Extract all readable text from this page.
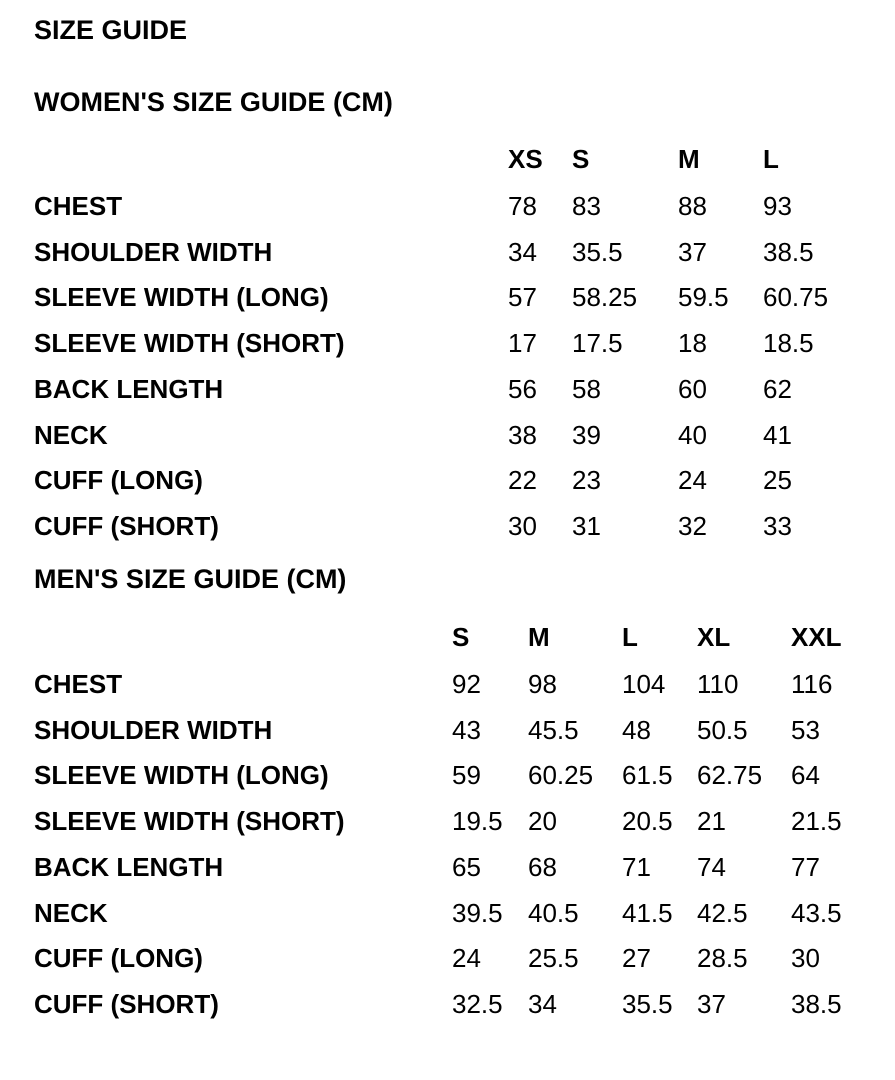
SIZE GUIDE
WOMEN'S SIZE GUIDE (CM)
XS S	M L
CHEST	78 83	88 93
SHOULDER WIDTH	34 35.5 37 38.5
SLEEVE WIDTH (LONG)	57 58.25 59.5 60.75
SLEEVE WIDTH (SHORT)	17 17.5 18 18.5
BACK LENGTH	56 58	60 62
NECK	38 39	40 41
CUFF (LONG)	22 23	24 25
CUFF (SHORT)	30 31	32 33
MEN'S SIZE GUIDE (CM)
S M	L XL XXL
CHEST	92 98	104 110 116
SHOULDER WIDTH	43 45.5 48 50.5 53
SLEEVE WIDTH (LONG)	59 60.25 61.5 62.75 64
SLEEVE WIDTH (SHORT)	19.5 20	20.5 21	21.5
BACK LENGTH	65 68	71 74	77
NECK	39.5 40.5 41.5 42.5 43.5
CUFF (LONG)	24 25.5 27 28.5 30
CUFF (SHORT)	32.5 34	35.5 37	38.5
